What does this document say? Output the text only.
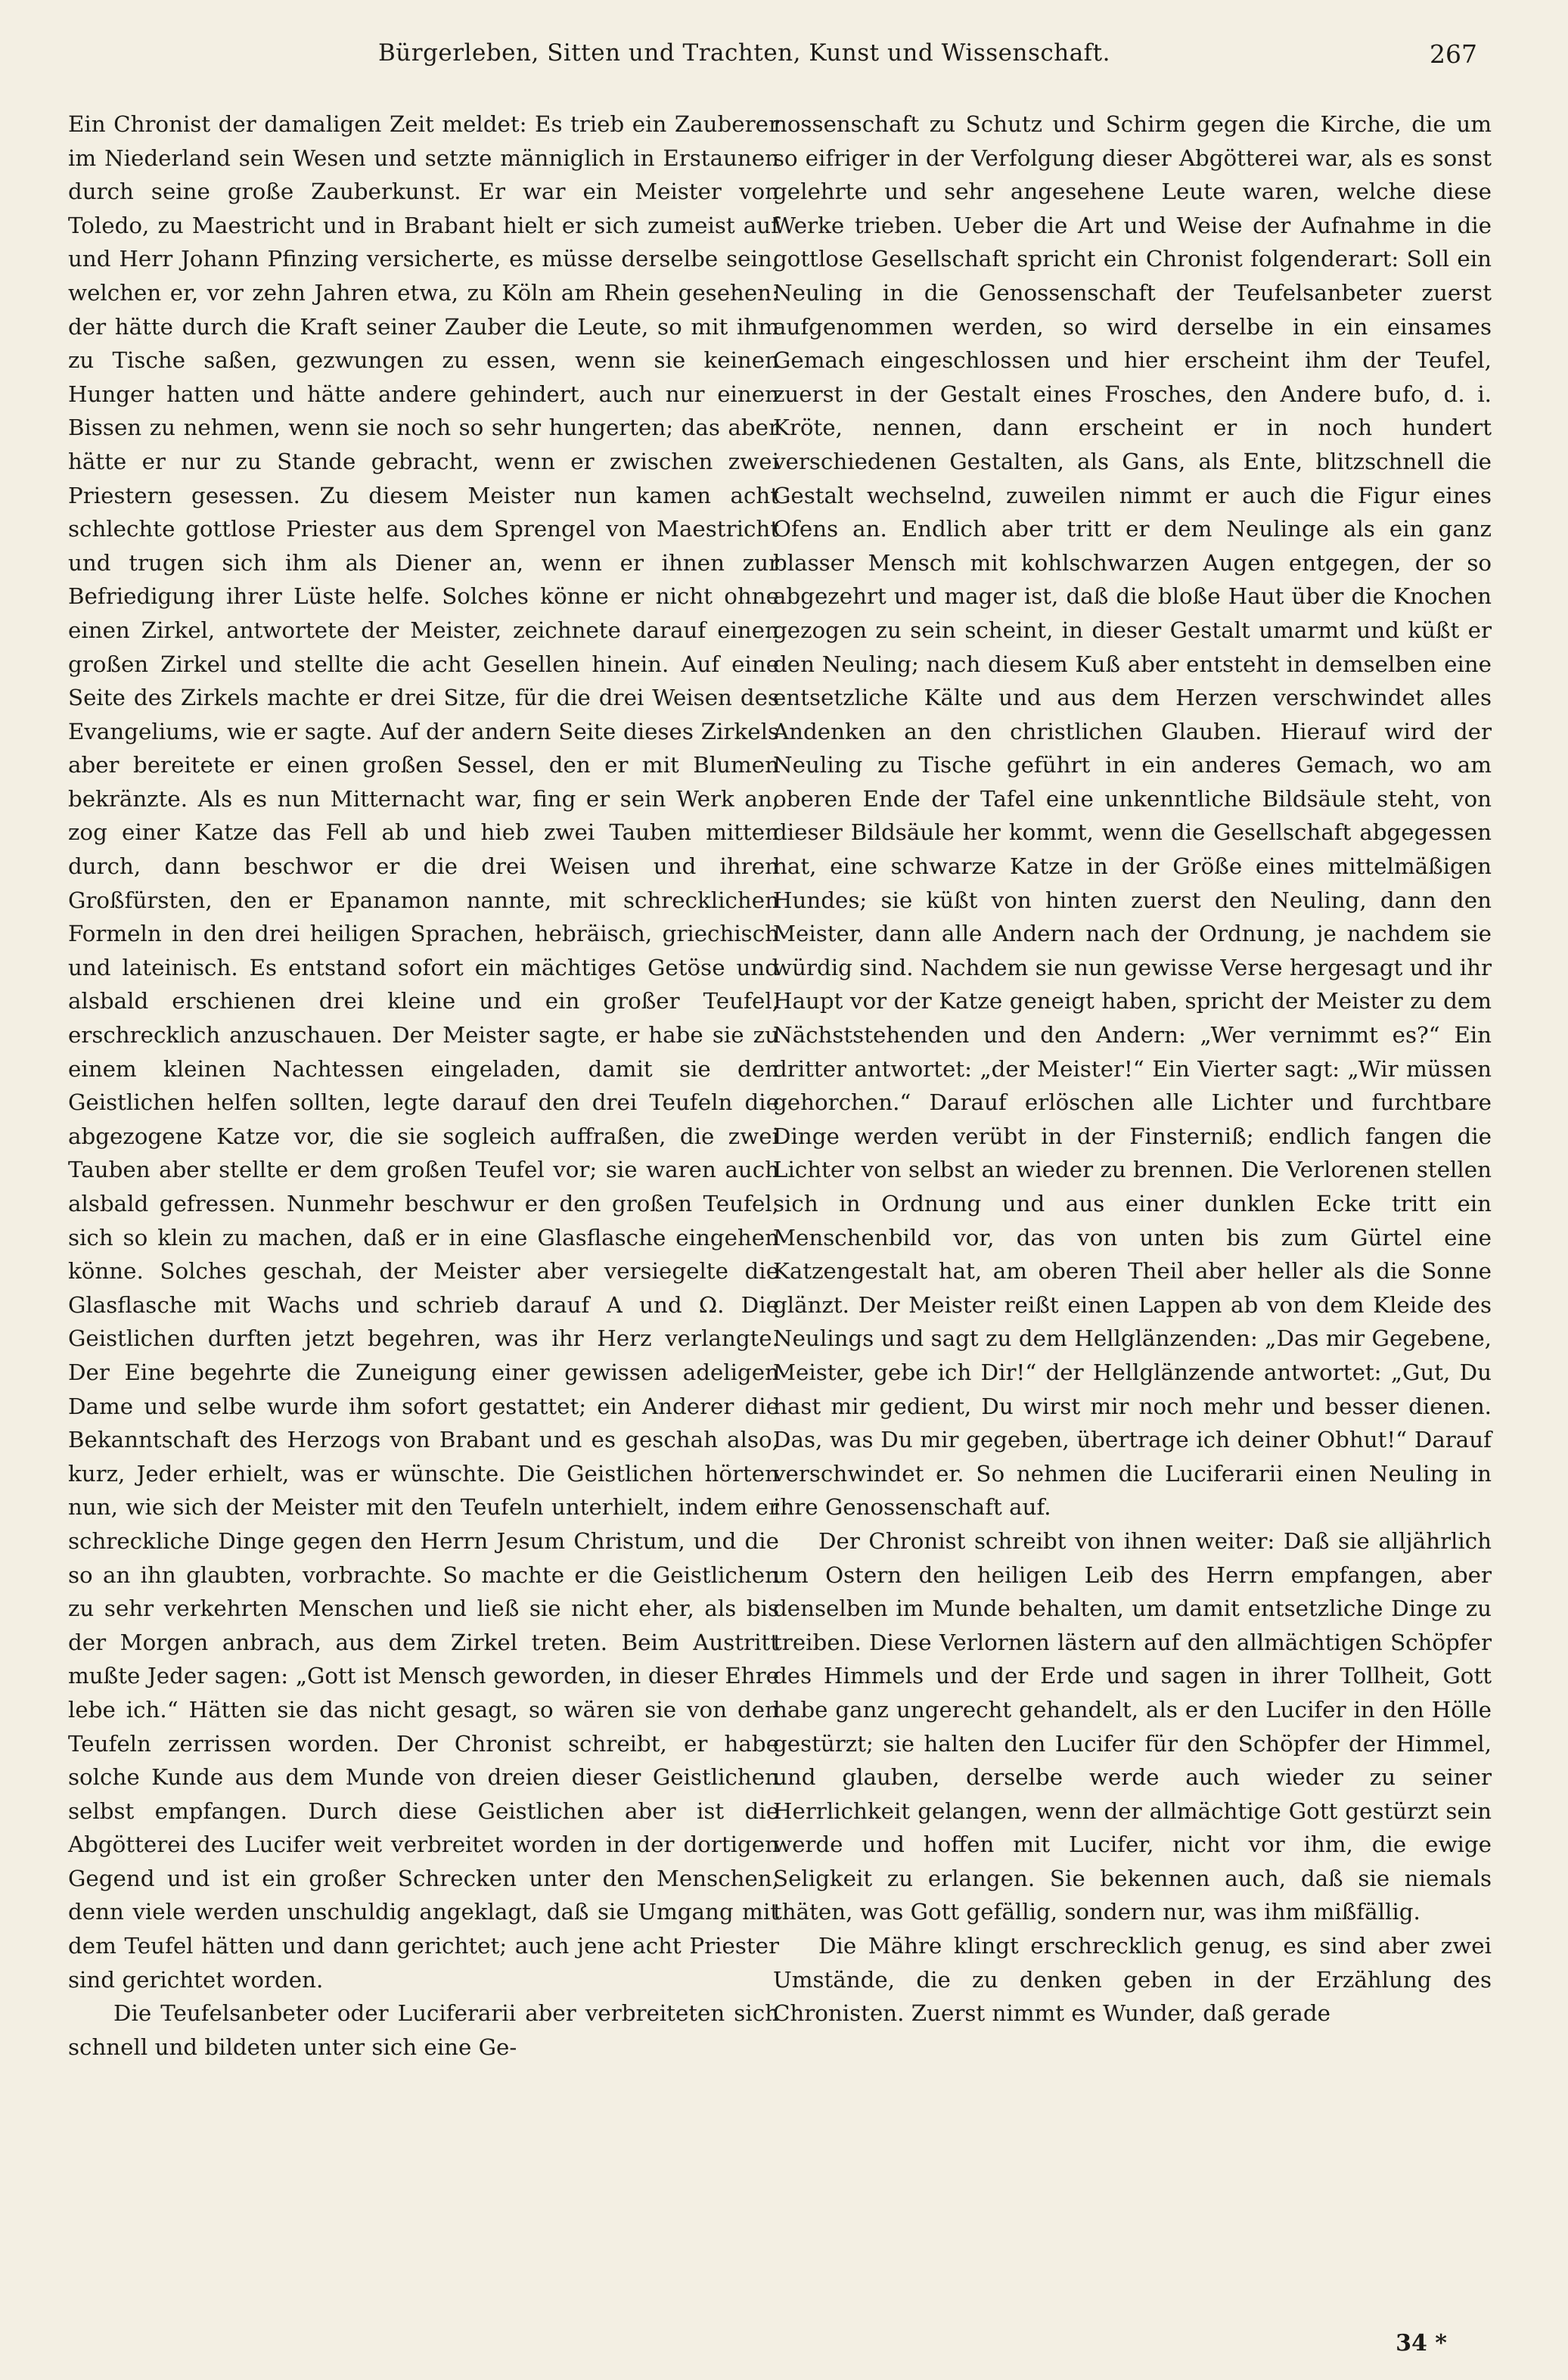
Bürgerleben, Sitten und Trachten, Kunst und Wissenschaft.	267

Ein Chronist der damaligen Zeit meldet: Es trieb ein Zauberer im Niederland sein Wesen und setzte männiglich in Erstaunen durch seine große Zauberkunst. Er war ein Meister von Toledo, zu Maestricht und in Brabant hielt er sich zumeist auf und Herr Johann Pfinzing versicherte, es müsse derselbe sein, welchen er, vor zehn Jahren etwa, zu Köln am Rhein gesehen: der hätte durch die Kraft seiner Zauber die Leute, so mit ihm zu Tische saßen, gezwungen zu essen, wenn sie keinen Hunger hatten und hätte andere gehindert, auch nur einen Bissen zu nehmen, wenn sie noch so sehr hungerten; das aber hätte er nur zu Stande gebracht, wenn er zwischen zwei Priestern gesessen. Zu diesem Meister nun kamen acht schlechte gottlose Priester aus dem Sprengel von Maestricht und trugen sich ihm als Diener an, wenn er ihnen zur Befriedigung ihrer Lüste helfe. Solches könne er nicht ohne einen Zirkel, antwortete der Meister, zeichnete darauf einen großen Zirkel und stellte die acht Gesellen hinein. Auf eine Seite des Zirkels machte er drei Sitze, für die drei Weisen des Evangeliums, wie er sagte. Auf der andern Seite dieses Zirkels aber bereitete er einen großen Sessel, den er mit Blumen bekränzte. Als es nun Mitternacht war, fing er sein Werk an, zog einer Katze das Fell ab und hieb zwei Tauben mitten durch, dann beschwor er die drei Weisen und ihren Großfürsten, den er Epanamon nannte, mit schrecklichen Formeln in den drei heiligen Sprachen, hebräisch, griechisch und lateinisch. Es entstand sofort ein mächtiges Getöse und alsbald erschienen drei kleine und ein großer Teufel, erschrecklich anzuschauen. Der Meister sagte, er habe sie zu einem kleinen Nachtessen eingeladen, damit sie den Geistlichen helfen sollten, legte darauf den drei Teufeln die abgezogene Katze vor, die sie sogleich auffraßen, die zwei Tauben aber stellte er dem großen Teufel vor; sie waren auch alsbald gefressen. Nunmehr beschwur er den großen Teufel, sich so klein zu machen, daß er in eine Glasflasche eingehen könne. Solches geschah, der Meister aber versiegelte die Glasflasche mit Wachs und schrieb darauf A und Ω. Die Geistlichen durften jetzt begehren, was ihr Herz verlangte. Der Eine begehrte die Zuneigung einer gewissen adeligen Dame und selbe wurde ihm sofort gestattet; ein Anderer die Bekanntschaft des Herzogs von Brabant und es geschah also, kurz, Jeder erhielt, was er wünschte. Die Geistlichen hörten nun, wie sich der Meister mit den Teufeln unterhielt, indem er schreckliche Dinge gegen den Herrn Jesum Christum, und die so an ihn glaubten, vorbrachte. So machte er die Geistlichen zu sehr verkehrten Menschen und ließ sie nicht eher, als bis der Morgen anbrach, aus dem Zirkel treten. Beim Austritt mußte Jeder sagen: „Gott ist Mensch geworden, in dieser Ehre lebe ich.“ Hätten sie das nicht gesagt, so wären sie von den Teufeln zerrissen worden. Der Chronist schreibt, er habe solche Kunde aus dem Munde von dreien dieser Geistlichen selbst empfangen. Durch diese Geistlichen aber ist die Abgötterei des Lucifer weit verbreitet worden in der dortigen Gegend und ist ein großer Schrecken unter den Menschen, denn viele werden unschuldig angeklagt, daß sie Umgang mit dem Teufel hätten und dann gerichtet; auch jene acht Priester sind gerichtet worden.

Die Teufelsanbeter oder Luciferarii aber verbreiteten sich schnell und bildeten unter sich eine Ge-

nossenschaft zu Schutz und Schirm gegen die Kirche, die um so eifriger in der Verfolgung dieser Abgötterei war, als es sonst gelehrte und sehr angesehene Leute waren, welche diese Werke trieben. Ueber die Art und Weise der Aufnahme in die gottlose Gesellschaft spricht ein Chronist folgenderart: Soll ein Neuling in die Genossenschaft der Teufelsanbeter zuerst aufgenommen werden, so wird derselbe in ein einsames Gemach eingeschlossen und hier erscheint ihm der Teufel, zuerst in der Gestalt eines Frosches, den Andere bufo, d. i. Kröte, nennen, dann erscheint er in noch hundert verschiedenen Gestalten, als Gans, als Ente, blitzschnell die Gestalt wechselnd, zuweilen nimmt er auch die Figur eines Ofens an. Endlich aber tritt er dem Neulinge als ein ganz blasser Mensch mit kohlschwarzen Augen entgegen, der so abgezehrt und mager ist, daß die bloße Haut über die Knochen gezogen zu sein scheint, in dieser Gestalt umarmt und küßt er den Neuling; nach diesem Kuß aber entsteht in demselben eine entsetzliche Kälte und aus dem Herzen verschwindet alles Andenken an den christlichen Glauben. Hierauf wird der Neuling zu Tische geführt in ein anderes Gemach, wo am oberen Ende der Tafel eine unkenntliche Bildsäule steht, von dieser Bildsäule her kommt, wenn die Gesellschaft abgegessen hat, eine schwarze Katze in der Größe eines mittelmäßigen Hundes; sie küßt von hinten zuerst den Neuling, dann den Meister, dann alle Andern nach der Ordnung, je nachdem sie würdig sind. Nachdem sie nun gewisse Verse hergesagt und ihr Haupt vor der Katze geneigt haben, spricht der Meister zu dem Nächststehenden und den Andern: „Wer vernimmt es?“ Ein dritter antwortet: „der Meister!“ Ein Vierter sagt: „Wir müssen gehorchen.“ Darauf erlöschen alle Lichter und furchtbare Dinge werden verübt in der Finsterniß; endlich fangen die Lichter von selbst an wieder zu brennen. Die Verlorenen stellen sich in Ordnung und aus einer dunklen Ecke tritt ein Menschenbild vor, das von unten bis zum Gürtel eine Katzengestalt hat, am oberen Theil aber heller als die Sonne glänzt. Der Meister reißt einen Lappen ab von dem Kleide des Neulings und sagt zu dem Hellglänzenden: „Das mir Gegebene, Meister, gebe ich Dir!“ der Hellglänzende antwortet: „Gut, Du hast mir gedient, Du wirst mir noch mehr und besser dienen. Das, was Du mir gegeben, übertrage ich deiner Obhut!“ Darauf verschwindet er. So nehmen die Luciferarii einen Neuling in ihre Genossenschaft auf.

Der Chronist schreibt von ihnen weiter: Daß sie alljährlich um Ostern den heiligen Leib des Herrn empfangen, aber denselben im Munde behalten, um damit entsetzliche Dinge zu treiben. Diese Verlornen lästern auf den allmächtigen Schöpfer des Himmels und der Erde und sagen in ihrer Tollheit, Gott habe ganz ungerecht gehandelt, als er den Lucifer in den Hölle gestürzt; sie halten den Lucifer für den Schöpfer der Himmel, und glauben, derselbe werde auch wieder zu seiner Herrlichkeit gelangen, wenn der allmächtige Gott gestürzt sein werde und hoffen mit Lucifer, nicht vor ihm, die ewige Seligkeit zu erlangen. Sie bekennen auch, daß sie niemals thäten, was Gott gefällig, sondern nur, was ihm mißfällig.

Die Mähre klingt erschrecklich genug, es sind aber zwei Umstände, die zu denken geben in der Erzählung des Chronisten. Zuerst nimmt es Wunder, daß gerade

34 *
